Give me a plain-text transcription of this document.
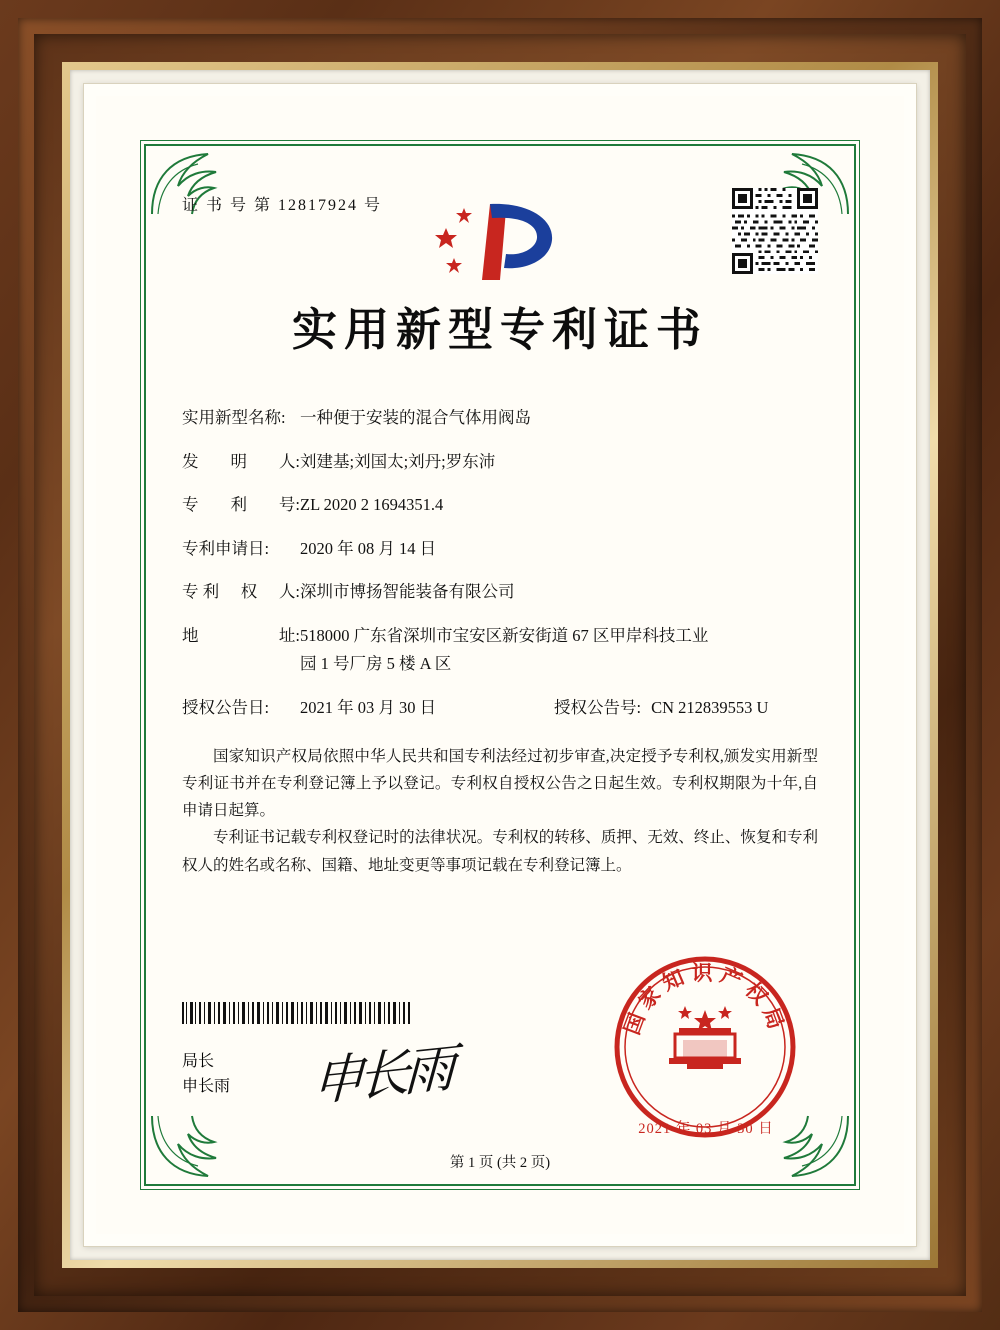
证 书 号 第 12817924 号
实用新型专利证书
实用新型名称: 一种便于安装的混合气体用阀岛
发 明 人: 刘建基;刘国太;刘丹;罗东沛
专 利 号: ZL 2020 2 1694351.4
专利申请日:	2020 年 08 月 14 日
专 利 权 人: 深圳市博扬智能装备有限公司
地	址: 518000 广东省深圳市宝安区新安街道 67 区甲岸科技工业
园 1 号厂房 5 楼 A 区
授权公告日:	2021 年 03 月 30 日	授权公告号: CN 212839553 U

国家知识产权局依照中华人民共和国专利法经过初步审查,决定授予专利权,颁发实用新型专利证书并在专利登记簿上予以登记。专利权自授权公告之日起生效。专利权期限为十年,自申请日起算。

专利证书记载专利权登记时的法律状况。专利权的转移、质押、无效、终止、恢复和专利权人的姓名或名称、国籍、地址变更等事项记载在专利登记簿上。

局长
申长雨 申长雨
国家知识产权局
2021 年 03 月 30 日
第 1 页 (共 2 页)
